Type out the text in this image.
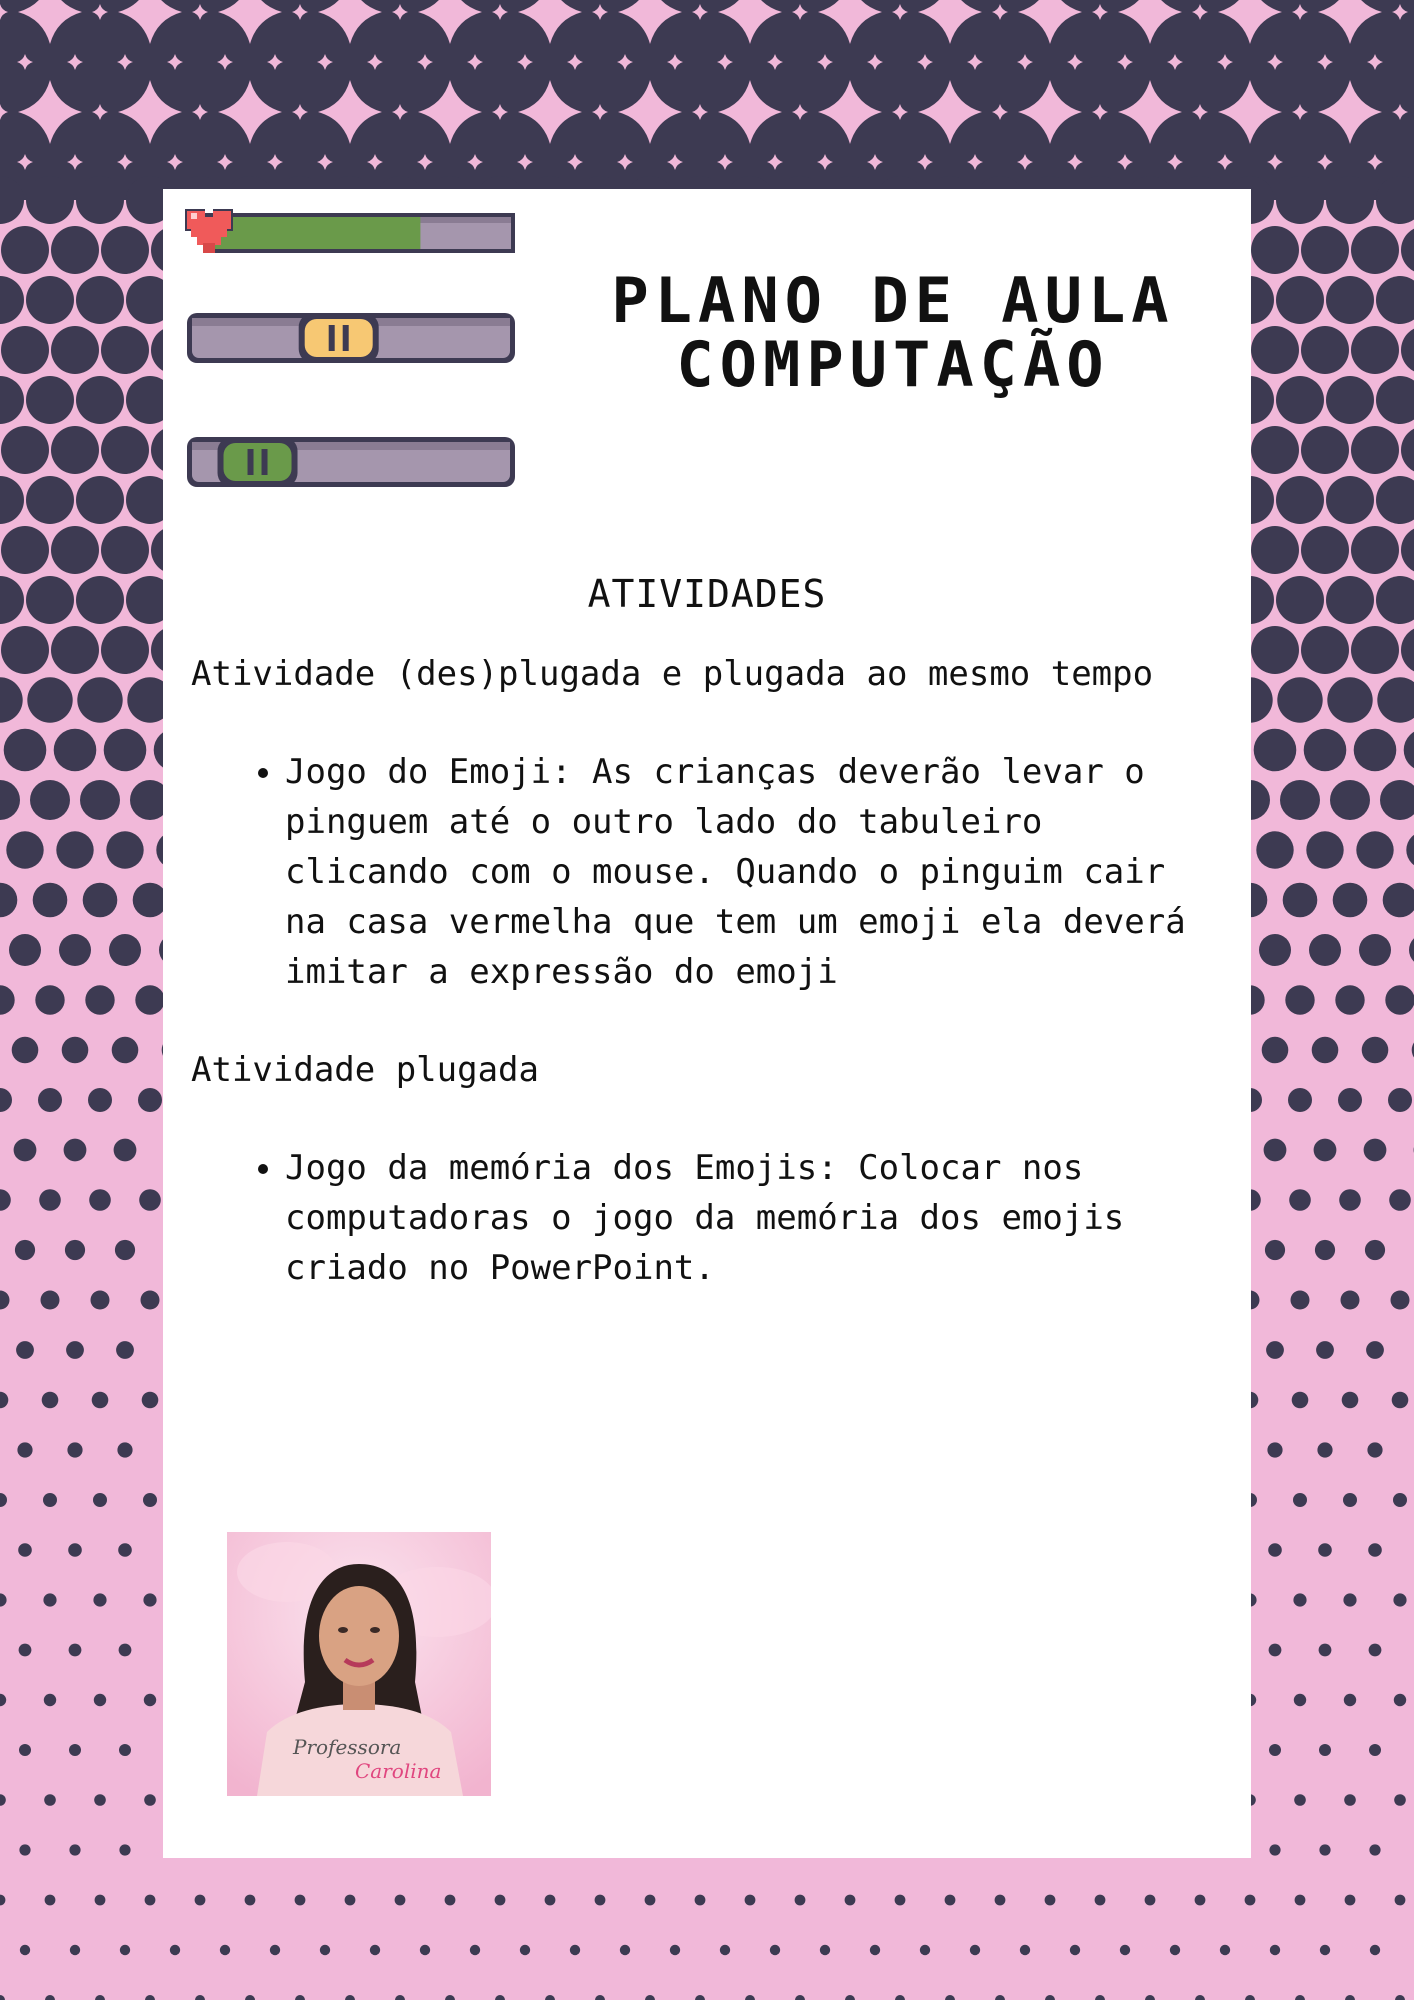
PLANO DE AULA
COMPUTAÇÃO
ATIVIDADES

Atividade (des)plugada e plugada ao mesmo tempo

• Jogo do Emoji: As crianças deverão levar o pinguem até o outro lado do tabuleiro clicando com o mouse. Quando o pinguim cair na casa vermelha que tem um emoji ela deverá imitar a expressão do emoji

Atividade plugada

• Jogo da memória dos Emojis: Colocar nos computadoras o jogo da memória dos emojis criado no PowerPoint.
Professora
Carolina
